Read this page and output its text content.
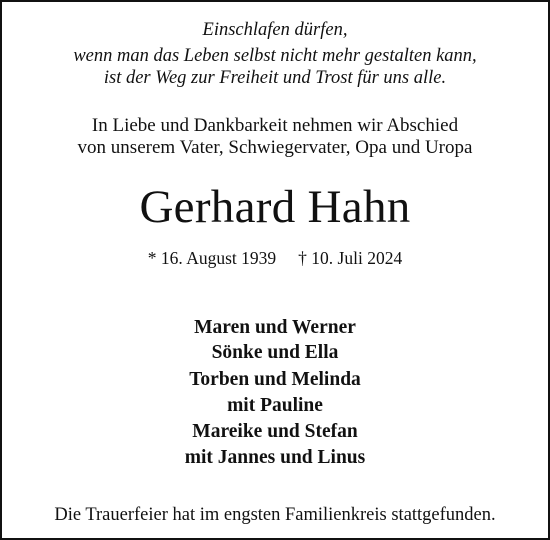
Einschlafen dürfen,
wenn man das Leben selbst nicht mehr gestalten kann,
ist der Weg zur Freiheit und Trost für uns alle.
In Liebe und Dankbarkeit nehmen wir Abschied
von unserem Vater, Schwiegervater, Opa und Uropa
Gerhard Hahn
* 16. August 1939 † 10. Juli 2024
Maren und Werner
Sönke und Ella
Torben und Melinda
mit Pauline
Mareike und Stefan
mit Jannes und Linus
Die Trauerfeier hat im engsten Familienkreis stattgefunden.
